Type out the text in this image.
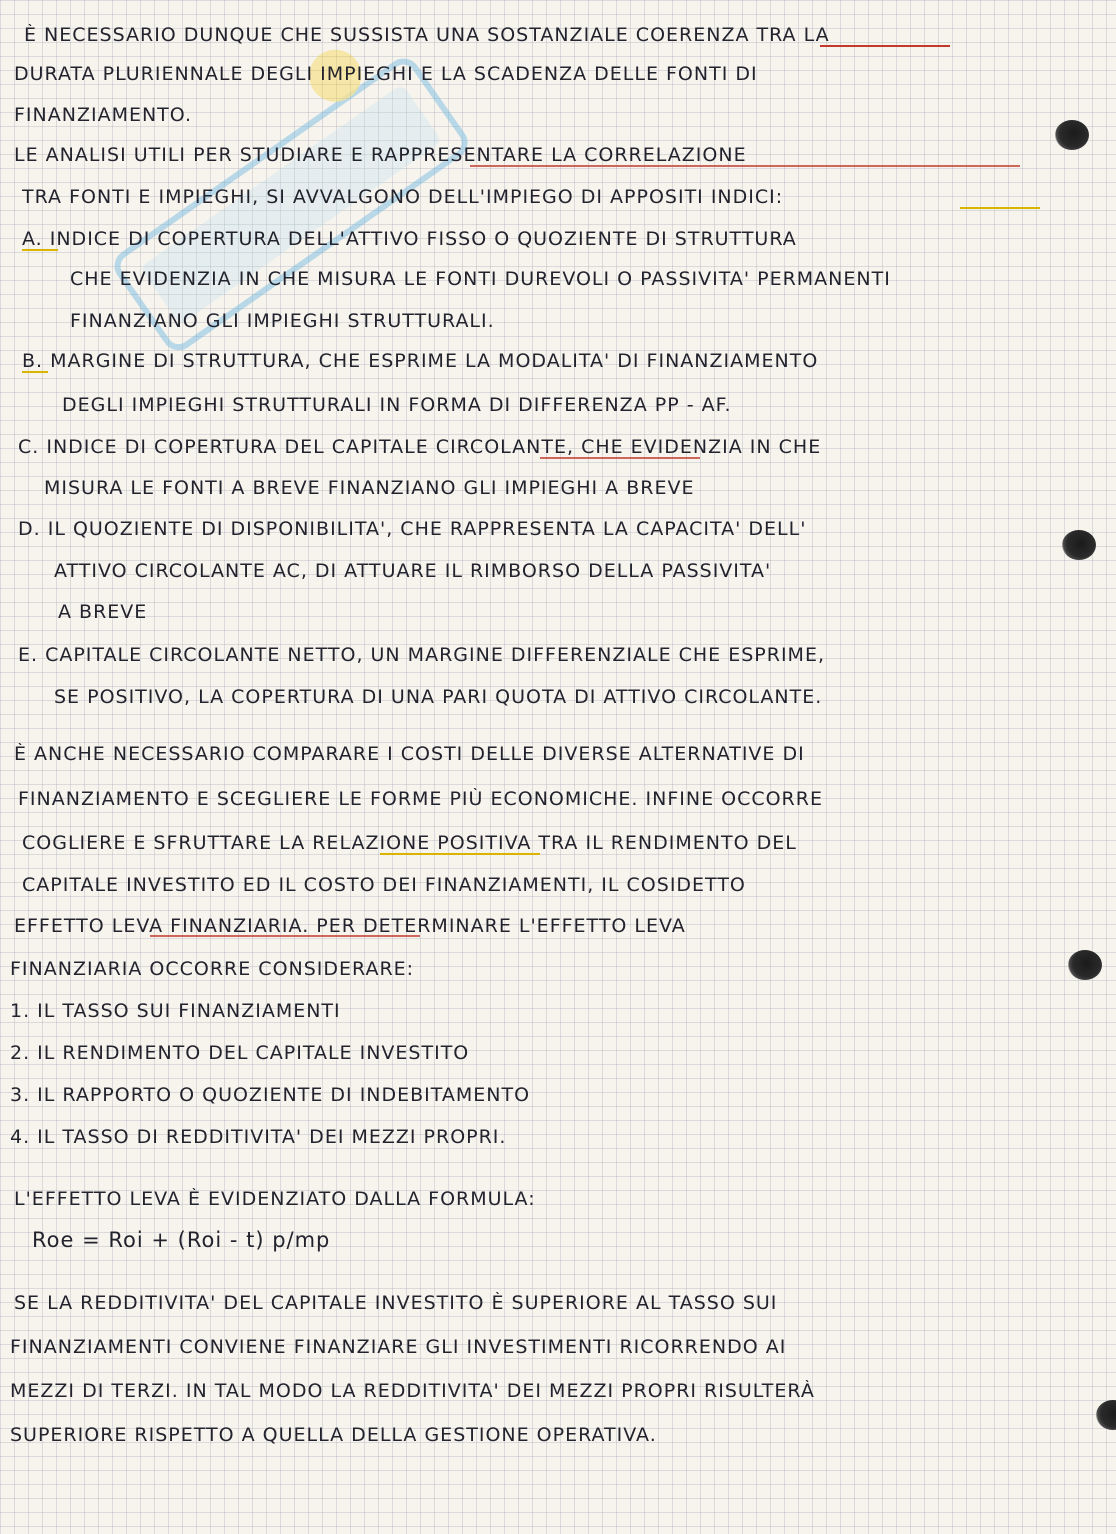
È NECESSARIO DUNQUE CHE SUSSISTA UNA SOSTANZIALE COERENZA TRA LA
DURATA PLURIENNALE DEGLI IMPIEGHI E LA SCADENZA DELLE FONTI DI
FINANZIAMENTO.
LE ANALISI UTILI PER STUDIARE E RAPPRESENTARE LA CORRELAZIONE
TRA FONTI E IMPIEGHI, SI AVVALGONO DELL'IMPIEGO DI APPOSITI INDICI:
A. INDICE DI COPERTURA DELL'ATTIVO FISSO O QUOZIENTE DI STRUTTURA
CHE EVIDENZIA IN CHE MISURA LE FONTI DUREVOLI O PASSIVITA' PERMANENTI
FINANZIANO GLI IMPIEGHI STRUTTURALI.
B. MARGINE DI STRUTTURA, CHE ESPRIME LA MODALITA' DI FINANZIAMENTO
DEGLI IMPIEGHI STRUTTURALI IN FORMA DI DIFFERENZA PP - AF.
C. INDICE DI COPERTURA DEL CAPITALE CIRCOLANTE, CHE EVIDENZIA IN CHE
MISURA LE FONTI A BREVE FINANZIANO GLI IMPIEGHI A BREVE
D. IL QUOZIENTE DI DISPONIBILITA', CHE RAPPRESENTA LA CAPACITA' DELL'
ATTIVO CIRCOLANTE AC, DI ATTUARE IL RIMBORSO DELLA PASSIVITA'
A BREVE
E. CAPITALE CIRCOLANTE NETTO, UN MARGINE DIFFERENZIALE CHE ESPRIME,
SE POSITIVO, LA COPERTURA DI UNA PARI QUOTA DI ATTIVO CIRCOLANTE.
È ANCHE NECESSARIO COMPARARE I COSTI DELLE DIVERSE ALTERNATIVE DI
FINANZIAMENTO E SCEGLIERE LE FORME PIÙ ECONOMICHE. INFINE OCCORRE
COGLIERE E SFRUTTARE LA RELAZIONE POSITIVA TRA IL RENDIMENTO DEL
CAPITALE INVESTITO ED IL COSTO DEI FINANZIAMENTI, IL COSIDETTO
EFFETTO LEVA FINANZIARIA. PER DETERMINARE L'EFFETTO LEVA
FINANZIARIA OCCORRE CONSIDERARE:
1. IL TASSO SUI FINANZIAMENTI
2. IL RENDIMENTO DEL CAPITALE INVESTITO
3. IL RAPPORTO O QUOZIENTE DI INDEBITAMENTO
4. IL TASSO DI REDDITIVITA' DEI MEZZI PROPRI.
L'EFFETTO LEVA È EVIDENZIATO DALLA FORMULA:
Roe = Roi + (Roi - t) p/mp
SE LA REDDITIVITA' DEL CAPITALE INVESTITO È SUPERIORE AL TASSO SUI
FINANZIAMENTI CONVIENE FINANZIARE GLI INVESTIMENTI RICORRENDO AI
MEZZI DI TERZI. IN TAL MODO LA REDDITIVITA' DEI MEZZI PROPRI RISULTERÀ
SUPERIORE RISPETTO A QUELLA DELLA GESTIONE OPERATIVA.
